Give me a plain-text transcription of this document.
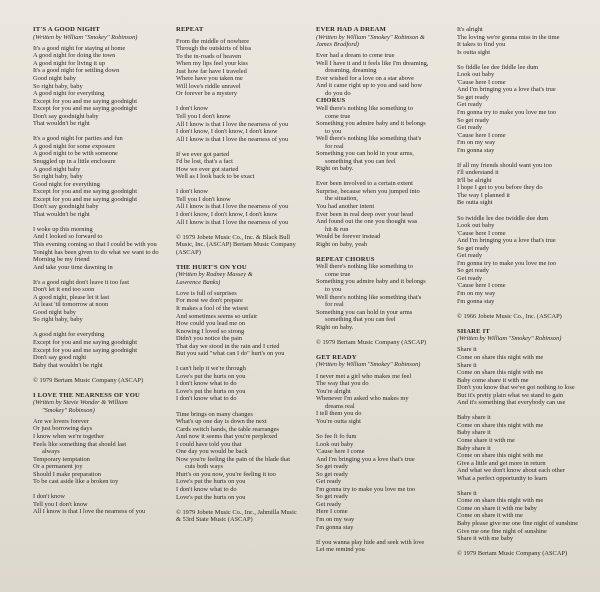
IT'S A GOOD NIGHT
(Written by William "Smokey" Robinson)
It's a good night for staying at home
A good night for doing the town
A good night for living it up
It's a good night for settling down
Good night baby
So right baby, baby
A good night for everything
Except for you and me saying goodnight
Except for you and me saying goodnight
Don't say goodnight baby
That wouldn't be right
It's a good night for parties and fun
A good night for some exposure
A good night to be with someone
Snuggled up in a little enclosure
A good night baby
So right baby, baby
Good night for everything
Except for you and me saying goodnight
Except for you and me saying goodnight
Don't say goodnight baby
That wouldn't be right
I woke up this morning
And I looked so forward to
This evening coming so that I could be with you
Tonight has been given to do what we want to do
Morning be my friend
And take your time dawning in
It's a good night don't leave it too fast
Don't let it end too soon
A good night, please let it last
At least 'til tomorrow at noon
Good night baby
So right baby, baby
A good night for everything
Except for you and me saying goodnight
Except for you and me saying goodnight
Don't say good night
Baby that wouldn't be right
© 1979 Bertam Music Company (ASCAP)
I LOVE THE NEARNESS OF YOU
(Written by Stevie Wonder & William
"Smokey" Robinson)
Are we lovers forever
Or just borrowing days
I know when we're together
Feels like something that should last
always
Temporary temptation
Or a permanent joy
Should I make preparation
To be cast aside like a broken toy
I don't know
Tell you I don't know
All I know is that I love the nearness of you
REPEAT
From the middle of nowhere
Through the outskirts of bliss
To the in-roads of heaven
When my lips feel your kiss
Just how far have I traveled
Where have you taken me
Will love's riddle unravel
Or forever be a mystery
I don't know
Tell you I don't know
All I know is that I love the nearness of you
I don't know, I don't know, I don't know
All I know is that I love the nearness of you
If we ever got parted
I'd be lost, that's a fact
How we ever got started
Well as I look back to be exact
I don't know
Tell you I don't know
All I know is that I love the nearness of you
I don't know, I don't know, I don't know
All I know is that I love the nearness of you
© 1979 Jobete Music Co., Inc. & Black Bull
Music, Inc. (ASCAP) Bertam Music Company
(ASCAP)
THE HURT'S ON YOU
(Written by Rodney Massey &
Lawrence Banks)
Love is full of surprises
For most we don't prepare
It makes a fool of the wisest
And sometimes seems so unfair
How could you lead me on
Knowing I loved so strong
Didn't you notice the pain
That day we stood in the rain and I cried
But you said "what can I do" hurt's on you
I can't help it we're through
Love's put the hurts on you
I don't know what to do
Love's put the hurts on you
I don't know what to do
Time brings on many changes
What's up one day is down the next
Cards switch hands, the table rearranges
And now it seems that you're perplexed
I could have told you that
One day you would be back
Now you're feeling the pain of the blade that
cuts both ways
Hurt's on you now, you're feeling it too
Love's put the hurts on you
I don't know what to do
Love's put the hurts on you
© 1979 Jobete Music Co., Inc., Jahmilla Music
& 53rd State Music (ASCAP)
EVER HAD A DREAM
(Written by William "Smokey" Robinson &
James Bradford)
Ever had a dream to come true
Well I have it and it feels like I'm dreaming,
dreaming, dreaming
Ever wished for a love on a star above
And it came right up to you and said how
do you do
CHORUS
Well there's nothing like something to
come true
Something you admire baby and it belongs
to you
Well there's nothing like something that's
for real
Something you can hold in your arms,
something that you can feel
Right on baby.
Ever been involved to a certain extent
Surprise, because when you jumped into
the situation,
You had another intent
Ever been in real deep over your head
And found out the one you thought was
hit & run
Would be forever instead
Right on baby, yeah
REPEAT CHORUS
Well there's nothing like something to
come true
Something you admire baby and it belongs
to you
Well there's nothing like something that's
for real
Something you can hold in your arms
something that you can feel
Right on baby.
© 1979 Bertam Music Company (ASCAP)
GET READY
(Written by William "Smokey" Robinson)
I never met a girl who makes me feel
The way that you do
You're alright
Whenever I'm asked who makes my
dreams real
I tell them you do
You're outta sight
So fee fi fo fum
Look out baby
'Cause here I come
And I'm bringing you a love that's true
So get ready
So get ready
Get ready
I'm gonna try to make you love me too
So get ready
Get ready
Here I come
I'm on my way
I'm gonna stay
If you wanna play hide and seek with love
Let me remind you
It's alright
The loving we're gonna miss in the time
It takes to find you
Is outta sight
So fiddle lee dee fiddle lee dum
Look out baby
'Cause here I come
And I'm bringing you a love that's true
So get ready
Get ready
I'm gonna try to make you love me too
So get ready
Get ready
'Cause here I come
I'm on my way
I'm gonna stay
If all my friends should want you too
I'll understand it
It'll be alright
I hope I get to you before they do
The way I planned it
Be outta sight
So twiddle lee dee twiddle dee dum
Look out baby
'Cause here I come
And I'm bringing you a love that's true
So get ready
Get ready
I'm gonna try to make you love me too
So get ready
Get ready
'Cause here I come
I'm on my way
I'm gonna stay
© 1966 Jobete Music Co., Inc. (ASCAP)
SHARE IT
(Written by William "Smokey" Robinson)
Share it
Come on share this night with me
Share it
Come on share this night with me
Baby come share it with me
Don't you know that we've got nothing to lose
But it's pretty plain what we stand to gain
And it's something that everybody can use
Baby share it
Come on share this night with me
Baby share it
Come share it with me
Baby share it
Come on share this night with me
Give a little and get more in return
And what we don't know about each other
What a perfect opportunity to learn
Share it
Come on share this night with me
Come on share it with me baby
Come on share it with me
Baby please give me one fine night of sunshine
Give me one fine night of sunshine
Share it with me baby
© 1979 Bertam Music Company (ASCAP)
